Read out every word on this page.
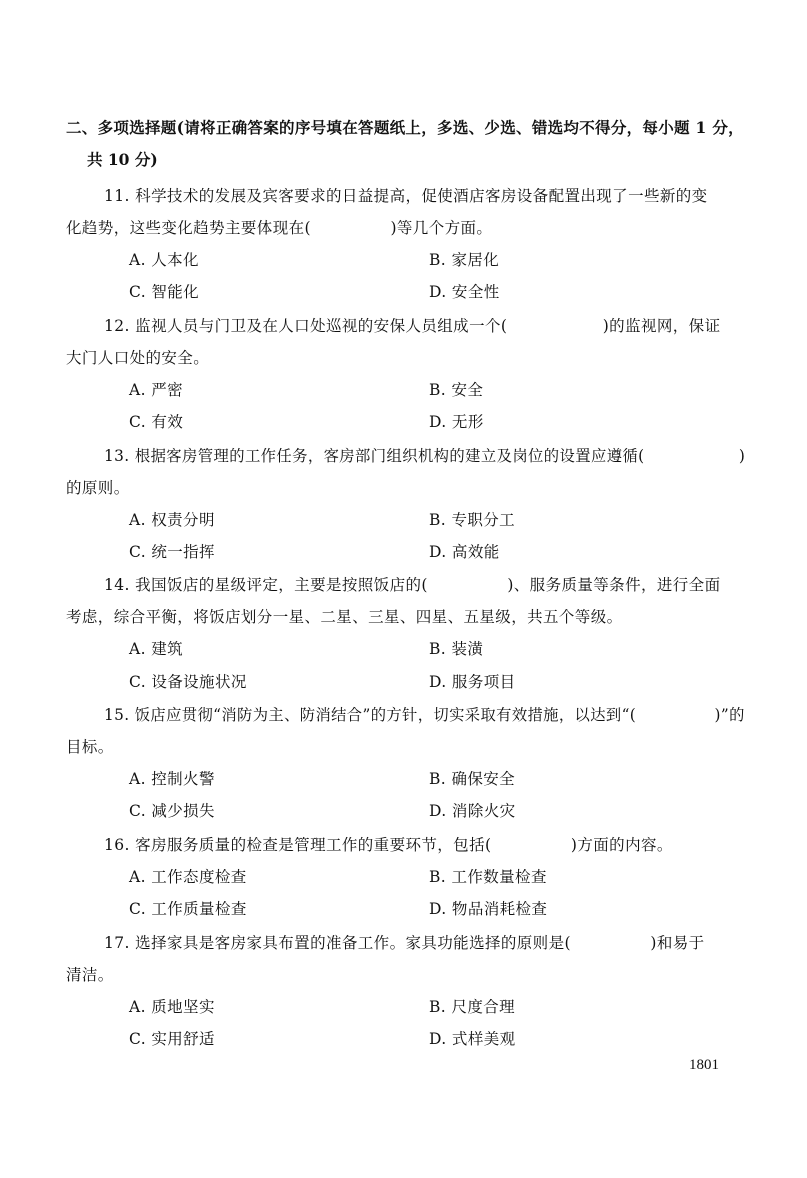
二、多项选择题(请将正确答案的序号填在答题纸上，多选、少选、错选均不得分，每小题 1 分，
共 10 分)
11. 科学技术的发展及宾客要求的日益提高，促使酒店客房设备配置出现了一些新的变
化趋势，这些变化趋势主要体现在(　　　　　)等几个方面。
A. 人本化	B. 家居化
C. 智能化	D. 安全性
12. 监视人员与门卫及在人口处巡视的安保人员组成一个(　　　　　　)的监视网，保证
大门人口处的安全。
A. 严密	B. 安全
C. 有效	D. 无形
13. 根据客房管理的工作任务，客房部门组织机构的建立及岗位的设置应遵循(　　　　　　)
的原则。
A. 权责分明	B. 专职分工
C. 统一指挥	D. 高效能
14. 我国饭店的星级评定，主要是按照饭店的(　　　　　)、服务质量等条件，进行全面
考虑，综合平衡，将饭店划分一星、二星、三星、四星、五星级，共五个等级。
A. 建筑	B. 装潢
C. 设备设施状况	D. 服务项目
15. 饭店应贯彻“消防为主、防消结合”的方针，切实采取有效措施，以达到“(　　　　　)”的
目标。
A. 控制火警	B. 确保安全
C. 减少损失	D. 消除火灾
16. 客房服务质量的检查是管理工作的重要环节，包括(　　　　　)方面的内容。
A. 工作态度检查	B. 工作数量检查
C. 工作质量检查	D. 物品消耗检查
17. 选择家具是客房家具布置的准备工作。家具功能选择的原则是(　　　　　)和易于
清洁。
A. 质地坚实	B. 尺度合理
C. 实用舒适	D. 式样美观
1801
